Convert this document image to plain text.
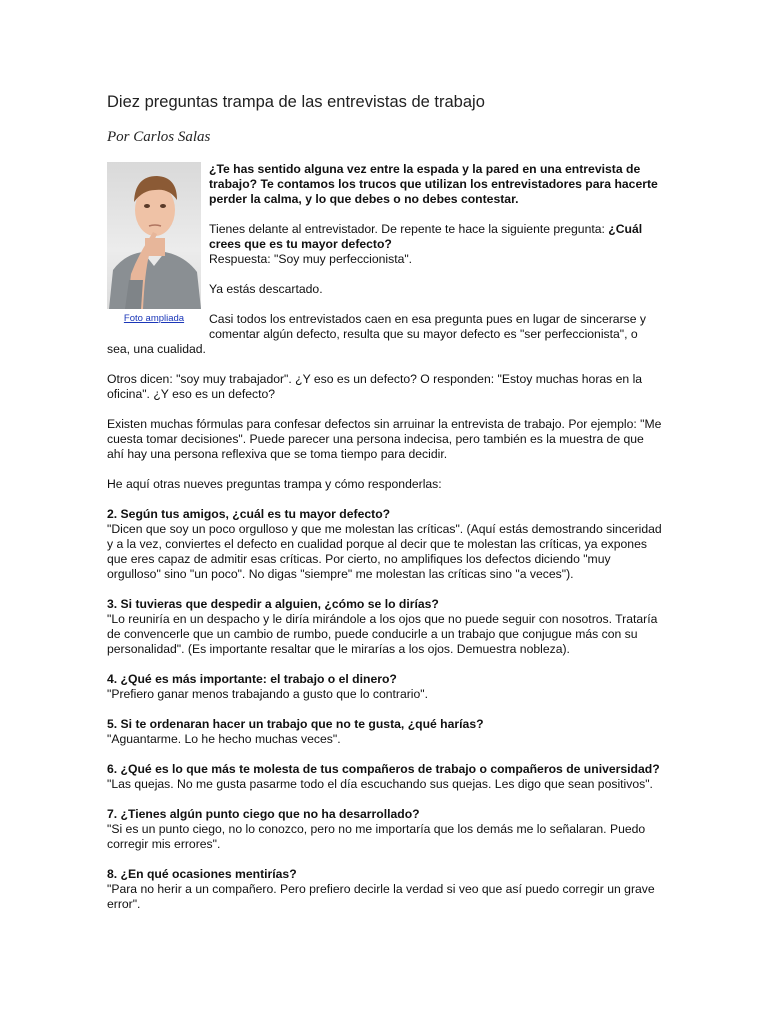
Diez preguntas trampa de las entrevistas de trabajo
Por Carlos Salas
Foto ampliada

¿Te has sentido alguna vez entre la espada y la pared en una entrevista de trabajo? Te contamos los trucos que utilizan los entrevistadores para hacerte perder la calma, y lo que debes o no debes contestar.

Tienes delante al entrevistador. De repente te hace la siguiente pregunta: ¿Cuál crees que es tu mayor defecto?
Respuesta: "Soy muy perfeccionista".

Ya estás descartado.

Casi todos los entrevistados caen en esa pregunta pues en lugar de sincerarse y comentar algún defecto, resulta que su mayor defecto es "ser perfeccionista", o sea, una cualidad.

Otros dicen: "soy muy trabajador". ¿Y eso es un defecto? O responden: "Estoy muchas horas en la oficina". ¿Y eso es un defecto?

Existen muchas fórmulas para confesar defectos sin arruinar la entrevista de trabajo. Por ejemplo: "Me cuesta tomar decisiones". Puede parecer una persona indecisa, pero también es la muestra de que ahí hay una persona reflexiva que se toma tiempo para decidir.

He aquí otras nueves preguntas trampa y cómo responderlas:

2. Según tus amigos, ¿cuál es tu mayor defecto?
"Dicen que soy un poco orgulloso y que me molestan las críticas". (Aquí estás demostrando sinceridad y a la vez, conviertes el defecto en cualidad porque al decir que te molestan las críticas, ya expones que eres capaz de admitir esas críticas. Por cierto, no amplifiques los defectos diciendo "muy orgulloso" sino "un poco". No digas "siempre" me molestan las críticas sino "a veces").

3. Si tuvieras que despedir a alguien, ¿cómo se lo dirías?
"Lo reuniría en un despacho y le diría mirándole a los ojos que no puede seguir con nosotros. Trataría de convencerle que un cambio de rumbo, puede conducirle a un trabajo que conjugue más con su personalidad". (Es importante resaltar que le mirarías a los ojos. Demuestra nobleza).

4. ¿Qué es más importante: el trabajo o el dinero?
"Prefiero ganar menos trabajando a gusto que lo contrario".

5. Si te ordenaran hacer un trabajo que no te gusta, ¿qué harías?
"Aguantarme. Lo he hecho muchas veces".

6. ¿Qué es lo que más te molesta de tus compañeros de trabajo o compañeros de universidad?
"Las quejas. No me gusta pasarme todo el día escuchando sus quejas. Les digo que sean positivos".

7. ¿Tienes algún punto ciego que no ha desarrollado?
"Si es un punto ciego, no lo conozco, pero no me importaría que los demás me lo señalaran. Puedo corregir mis errores".

8. ¿En qué ocasiones mentirías?
"Para no herir a un compañero. Pero prefiero decirle la verdad si veo que así puedo corregir un grave error".
